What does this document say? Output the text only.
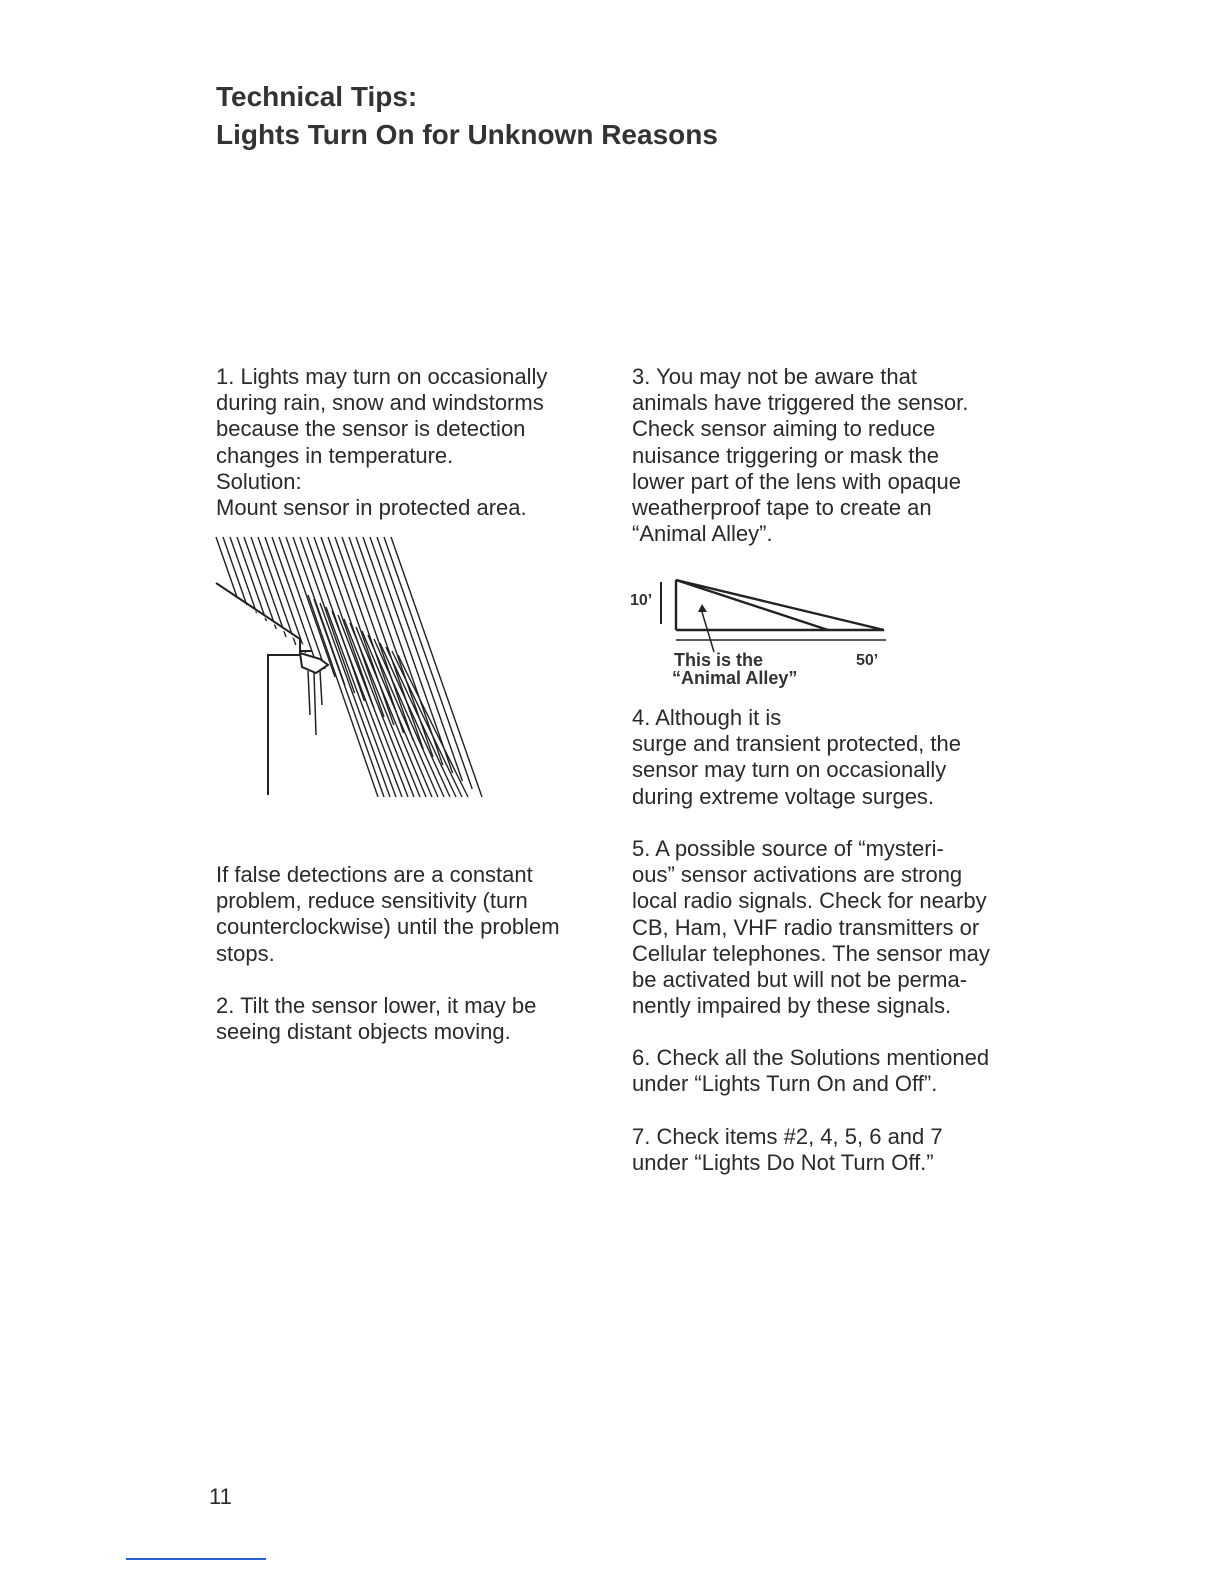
Technical Tips:
Lights Turn On for Unknown Reasons
1. Lights may turn on occasionally
during rain, snow and windstorms
because the sensor is detection
changes in temperature.
Solution:
Mount sensor in protected area.
If false detections are a constant
problem, reduce sensitivity (turn
counterclockwise) until the problem
stops.
2. Tilt the sensor lower, it may be
seeing distant objects moving.
3. You may not be aware that
animals have triggered the sensor.
Check sensor aiming to reduce
nuisance triggering or mask the
lower part of the lens with opaque
weatherproof tape to create an
“Animal Alley”.
10’
This is the
“Animal Alley”
50’
4. Although it is
surge and transient protected, the
sensor may turn on occasionally
during extreme voltage surges.
5. A possible source of “mysteri-
ous” sensor activations are strong
local radio signals. Check for nearby
CB, Ham, VHF radio transmitters or
Cellular telephones. The sensor may
be activated but will not be perma-
nently impaired by these signals.
6. Check all the Solutions mentioned
under “Lights Turn On and Off”.
7. Check items #2, 4, 5, 6 and 7
under “Lights Do Not Turn Off.”
11
